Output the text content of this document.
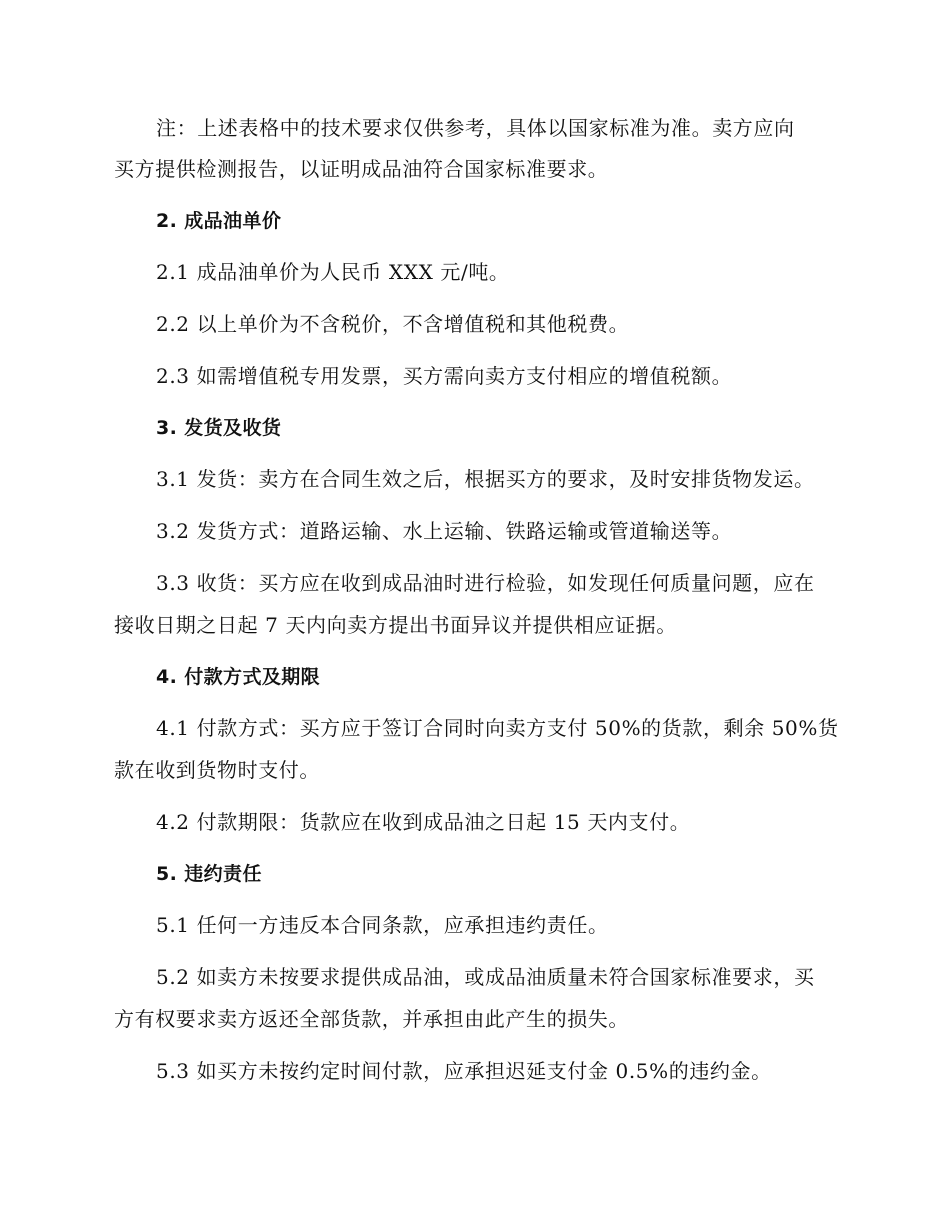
注：上述表格中的技术要求仅供参考，具体以国家标准为准。卖方应向
买方提供检测报告，以证明成品油符合国家标准要求。
2. 成品油单价
2.1 成品油单价为人民币 XXX 元/吨。
2.2 以上单价为不含税价，不含增值税和其他税费。
2.3 如需增值税专用发票，买方需向卖方支付相应的增值税额。
3. 发货及收货
3.1 发货：卖方在合同生效之后，根据买方的要求，及时安排货物发运。
3.2 发货方式：道路运输、水上运输、铁路运输或管道输送等。
3.3 收货：买方应在收到成品油时进行检验，如发现任何质量问题，应在
接收日期之日起 7 天内向卖方提出书面异议并提供相应证据。
4. 付款方式及期限
4.1 付款方式：买方应于签订合同时向卖方支付 50%的货款，剩余 50%货
款在收到货物时支付。
4.2 付款期限：货款应在收到成品油之日起 15 天内支付。
5. 违约责任
5.1 任何一方违反本合同条款，应承担违约责任。
5.2 如卖方未按要求提供成品油，或成品油质量未符合国家标准要求，买
方有权要求卖方返还全部货款，并承担由此产生的损失。
5.3 如买方未按约定时间付款，应承担迟延支付金 0.5%的违约金。
